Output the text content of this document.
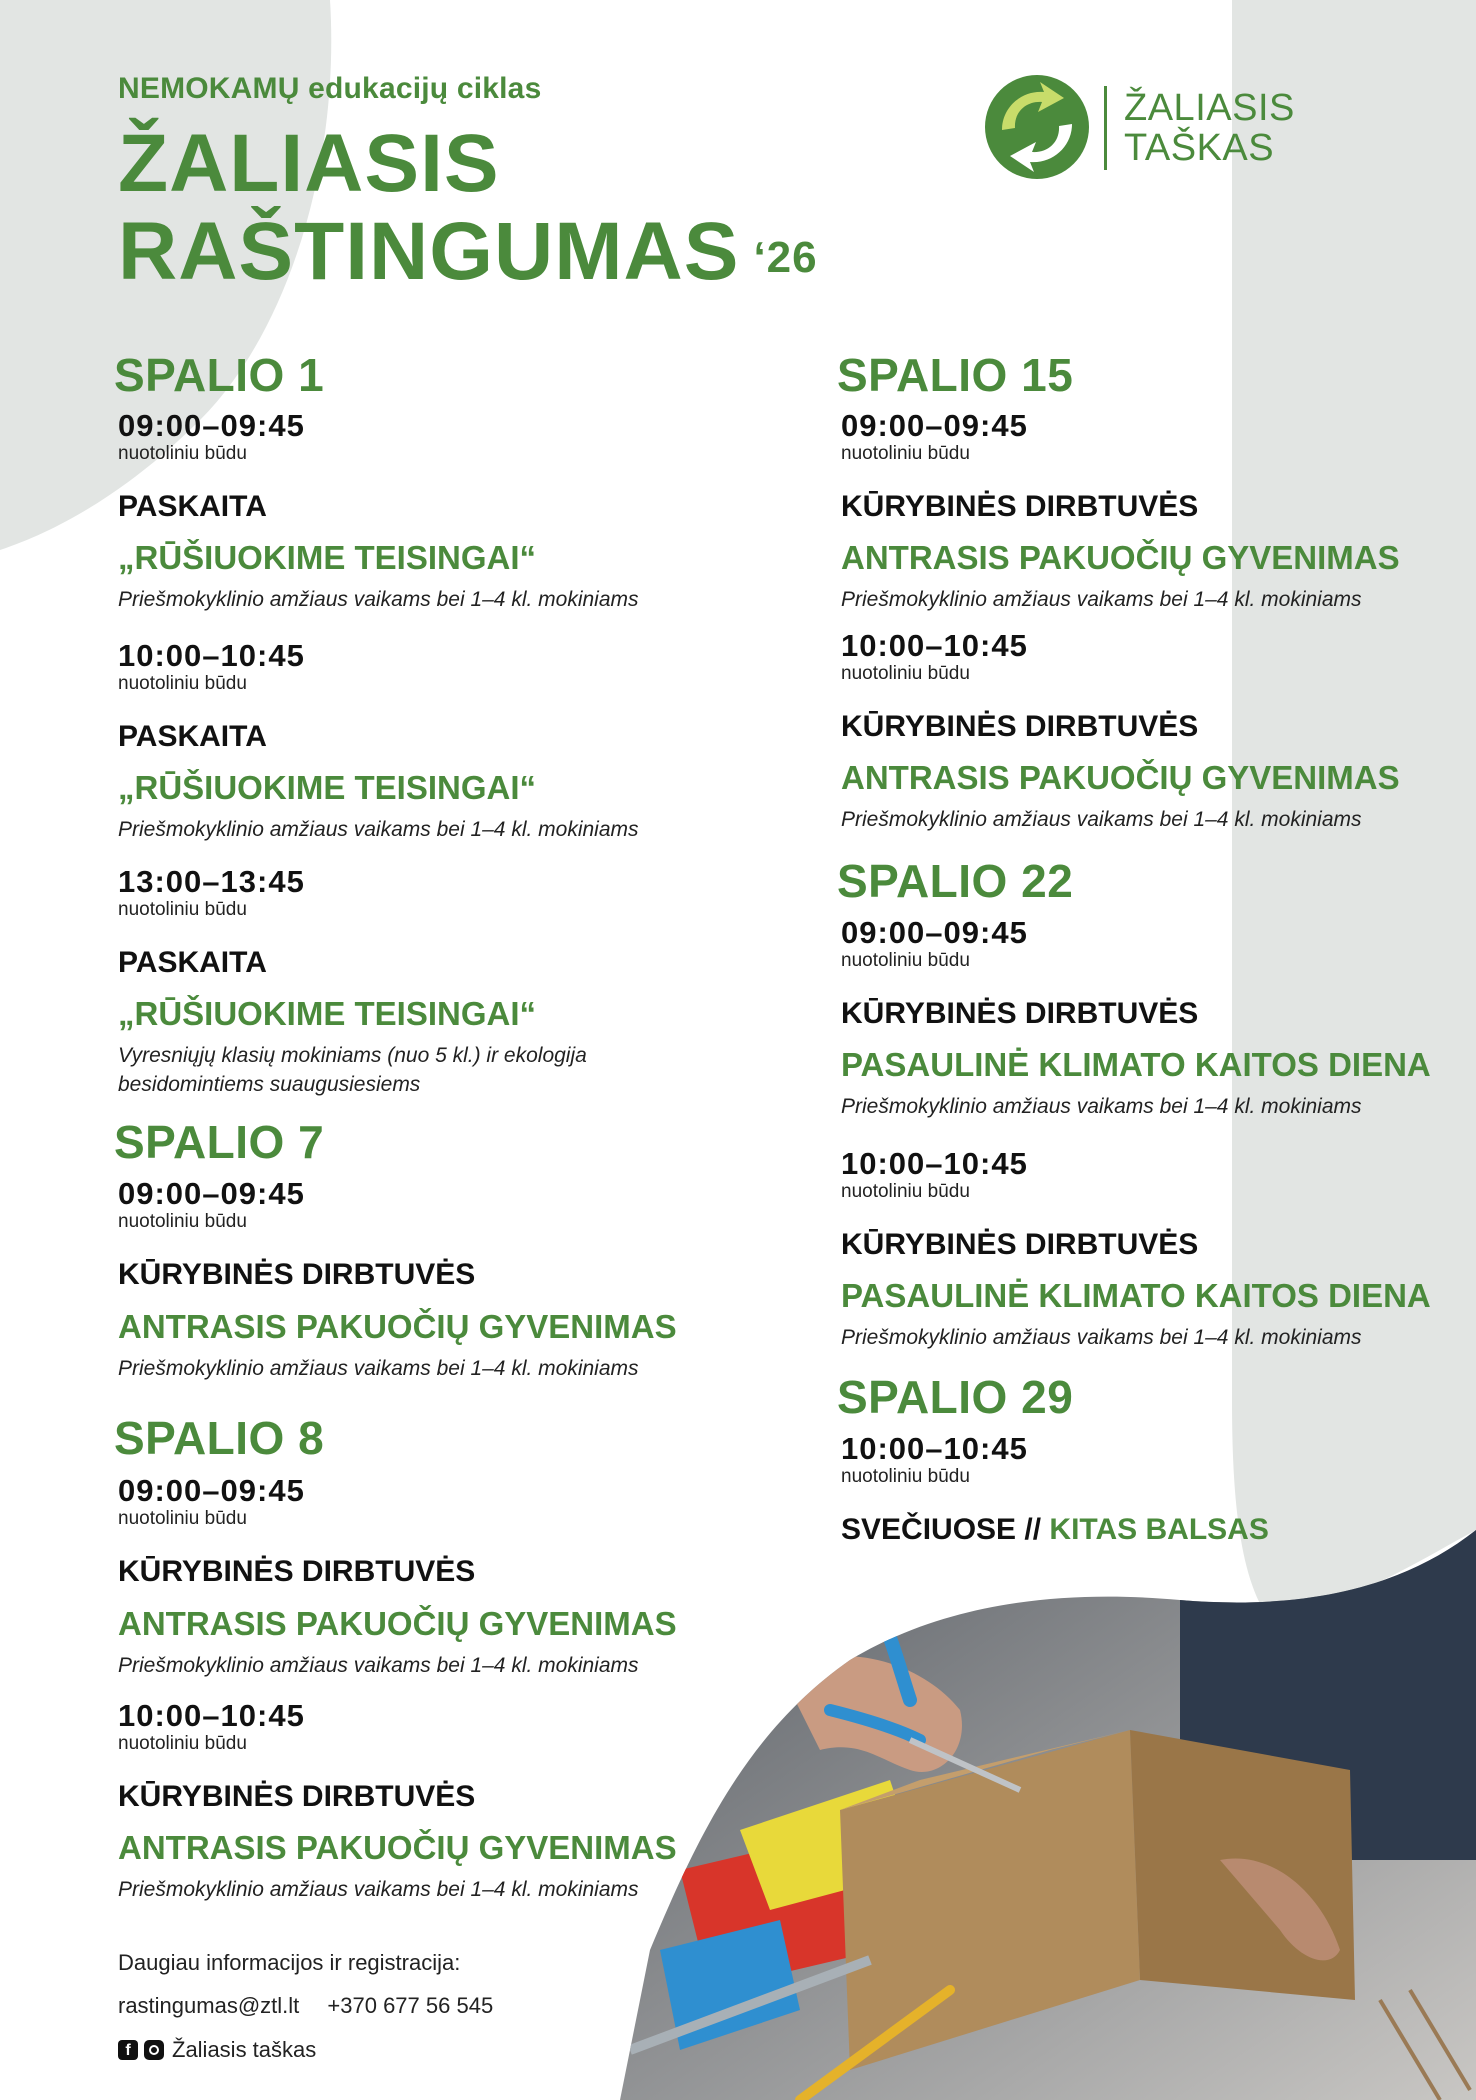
NEMOKAMŲ edukacijų ciklas
ŽALIASIS
RAŠTINGUMAS $^{‘26}$
ŽALIASIS
TAŠKAS
SPALIO 1
09:00–09:45
nuotoliniu būdu
PASKAITA
„RŪŠIUOKIME TEISINGAI“
Priešmokyklinio amžiaus vaikams bei 1–4 kl. mokiniams
10:00–10:45
nuotoliniu būdu
PASKAITA
„RŪŠIUOKIME TEISINGAI“
Priešmokyklinio amžiaus vaikams bei 1–4 kl. mokiniams
13:00–13:45
nuotoliniu būdu
PASKAITA
„RŪŠIUOKIME TEISINGAI“
Vyresniųjų klasių mokiniams (nuo 5 kl.) ir ekologija
besidomintiems suaugusiesiems
SPALIO 7
09:00–09:45
nuotoliniu būdu
KŪRYBINĖS DIRBTUVĖS
ANTRASIS PAKUOČIŲ GYVENIMAS
Priešmokyklinio amžiaus vaikams bei 1–4 kl. mokiniams
SPALIO 8
09:00–09:45
nuotoliniu būdu
KŪRYBINĖS DIRBTUVĖS
ANTRASIS PAKUOČIŲ GYVENIMAS
Priešmokyklinio amžiaus vaikams bei 1–4 kl. mokiniams
10:00–10:45
nuotoliniu būdu
KŪRYBINĖS DIRBTUVĖS
ANTRASIS PAKUOČIŲ GYVENIMAS
Priešmokyklinio amžiaus vaikams bei 1–4 kl. mokiniams
SPALIO 15
09:00–09:45
nuotoliniu būdu
KŪRYBINĖS DIRBTUVĖS
ANTRASIS PAKUOČIŲ GYVENIMAS
Priešmokyklinio amžiaus vaikams bei 1–4 kl. mokiniams
10:00–10:45
nuotoliniu būdu
KŪRYBINĖS DIRBTUVĖS
ANTRASIS PAKUOČIŲ GYVENIMAS
Priešmokyklinio amžiaus vaikams bei 1–4 kl. mokiniams
SPALIO 22
09:00–09:45
nuotoliniu būdu
KŪRYBINĖS DIRBTUVĖS
PASAULINĖ KLIMATO KAITOS DIENA
Priešmokyklinio amžiaus vaikams bei 1–4 kl. mokiniams
10:00–10:45
nuotoliniu būdu
KŪRYBINĖS DIRBTUVĖS
PASAULINĖ KLIMATO KAITOS DIENA
Priešmokyklinio amžiaus vaikams bei 1–4 kl. mokiniams
SPALIO 29
10:00–10:45
nuotoliniu būdu
SVEČIUOSE // KITAS BALSAS
Daugiau informacijos ir registracija:
rastingumas@ztl.lt +370 677 56 545
f	Žaliasis taškas
